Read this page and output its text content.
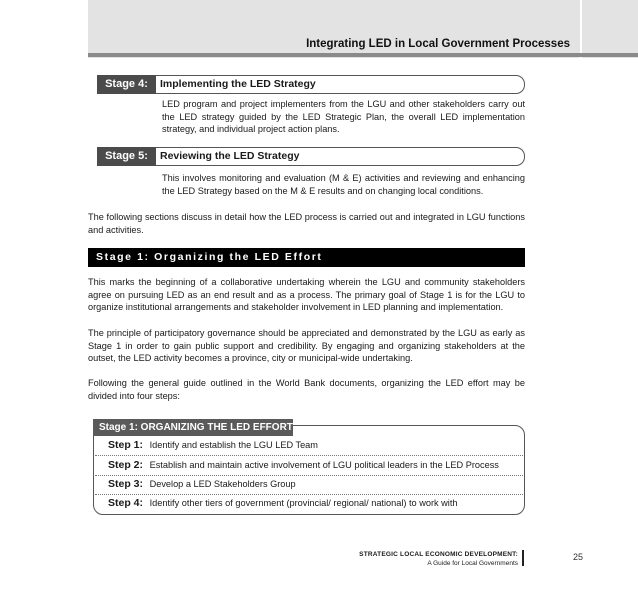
Integrating LED in Local Government Processes
Stage 4:	Implementing the LED Strategy
LED program and project implementers from the LGU and other stakeholders carry out the LED strategy guided by the LED Strategic Plan, the overall LED implementation strategy, and individual project action plans.
Stage 5:	Reviewing the LED Strategy
This involves monitoring and evaluation (M & E) activities and reviewing and enhancing the LED Strategy based on the M & E results and on changing local conditions.
The following sections discuss in detail how the LED process is carried out and integrated in LGU functions and activities.
Stage 1: Organizing the LED Effort
This marks the beginning of a collaborative undertaking wherein the LGU and community stakeholders agree on pursuing LED as an end result and as a process. The primary goal of Stage 1 is for the LGU to organize institutional arrangements and stakeholder involvement in LED planning and implementation.
The principle of participatory governance should be appreciated and demonstrated by the LGU as early as Stage 1 in order to gain public support and credibility. By engaging and organizing stakeholders at the outset, the LED activity becomes a province, city or municipal-wide undertaking.
Following the general guide outlined in the World Bank documents, organizing the LED effort may be divided into four steps:
Stage 1: ORGANIZING THE LED EFFORT
Step 1: Identify and establish the LGU LED Team
Step 2: Establish and maintain active involvement of LGU political leaders in the LED Process
Step 3: Develop a LED Stakeholders Group
Step 4: Identify other tiers of government (provincial/ regional/ national) to work with
STRATEGIC LOCAL ECONOMIC DEVELOPMENT:
A Guide for Local Governments
25
